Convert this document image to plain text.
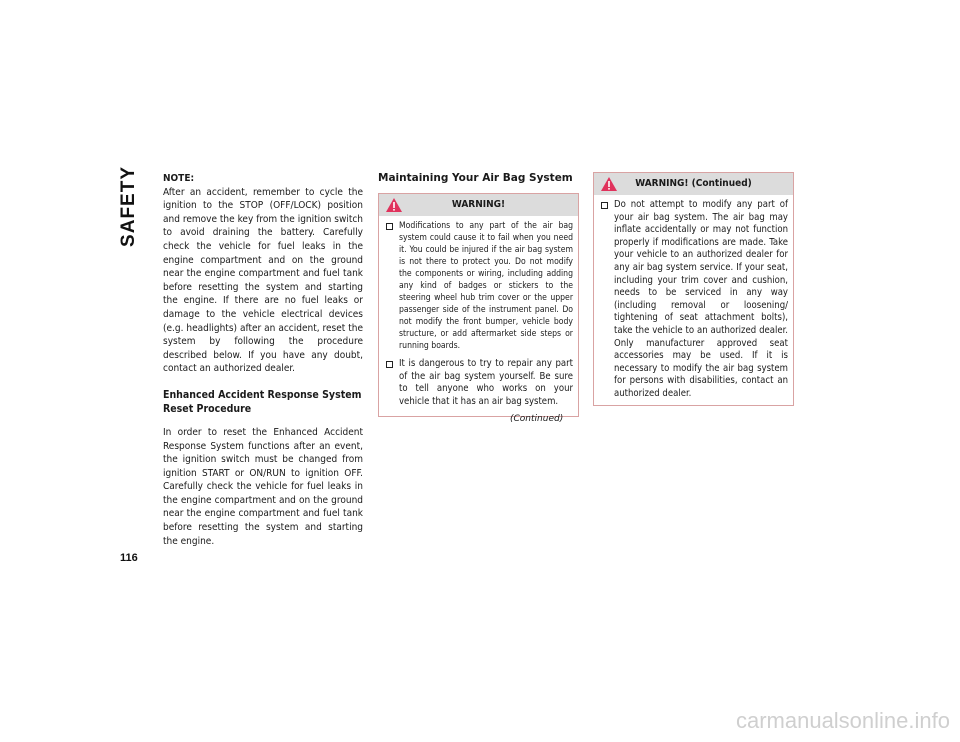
SAFETY
116
NOTE:

After an accident, remember to cycle the ignition to the STOP (OFF/LOCK) position and remove the key from the ignition switch to avoid draining the battery. Carefully check the vehicle for fuel leaks in the engine compartment and on the ground near the engine compartment and fuel tank before resetting the system and starting the engine. If there are no fuel leaks or damage to the vehicle electrical devices (e.g. headlights) after an accident, reset the system by following the procedure described below. If you have any doubt, contact an authorized dealer.

Enhanced Accident Response System Reset Procedure

In order to reset the Enhanced Accident Response System functions after an event, the ignition switch must be changed from ignition START or ON/RUN to ignition OFF. Carefully check the vehicle for fuel leaks in the engine compartment and on the ground near the engine compartment and fuel tank before resetting the system and starting the engine.

Maintaining Your Air Bag System
WARNING!
Modifications to any part of the air bag system could cause it to fail when you need it. You could be injured if the air bag system is not there to protect you. Do not modify the components or wiring, including adding any kind of badges or stickers to the steering wheel hub trim cover or the upper passenger side of the instrument panel. Do not modify the front bumper, vehicle body structure, or add aftermarket side steps or running boards.
It is dangerous to try to repair any part of the air bag system yourself. Be sure to tell anyone who works on your vehicle that it has an air bag system.
(Continued)
WARNING! (Continued)
Do not attempt to modify any part of your air bag system. The air bag may inflate accidentally or may not function properly if modifications are made. Take your vehicle to an authorized dealer for any air bag system service. If your seat, including your trim cover and cushion, needs to be serviced in any way (including removal or loosening/ tightening of seat attachment bolts), take the vehicle to an authorized dealer. Only manufacturer approved seat accessories may be used. If it is necessary to modify the air bag system for persons with disabilities, contact an authorized dealer.
carmanualsonline.info
